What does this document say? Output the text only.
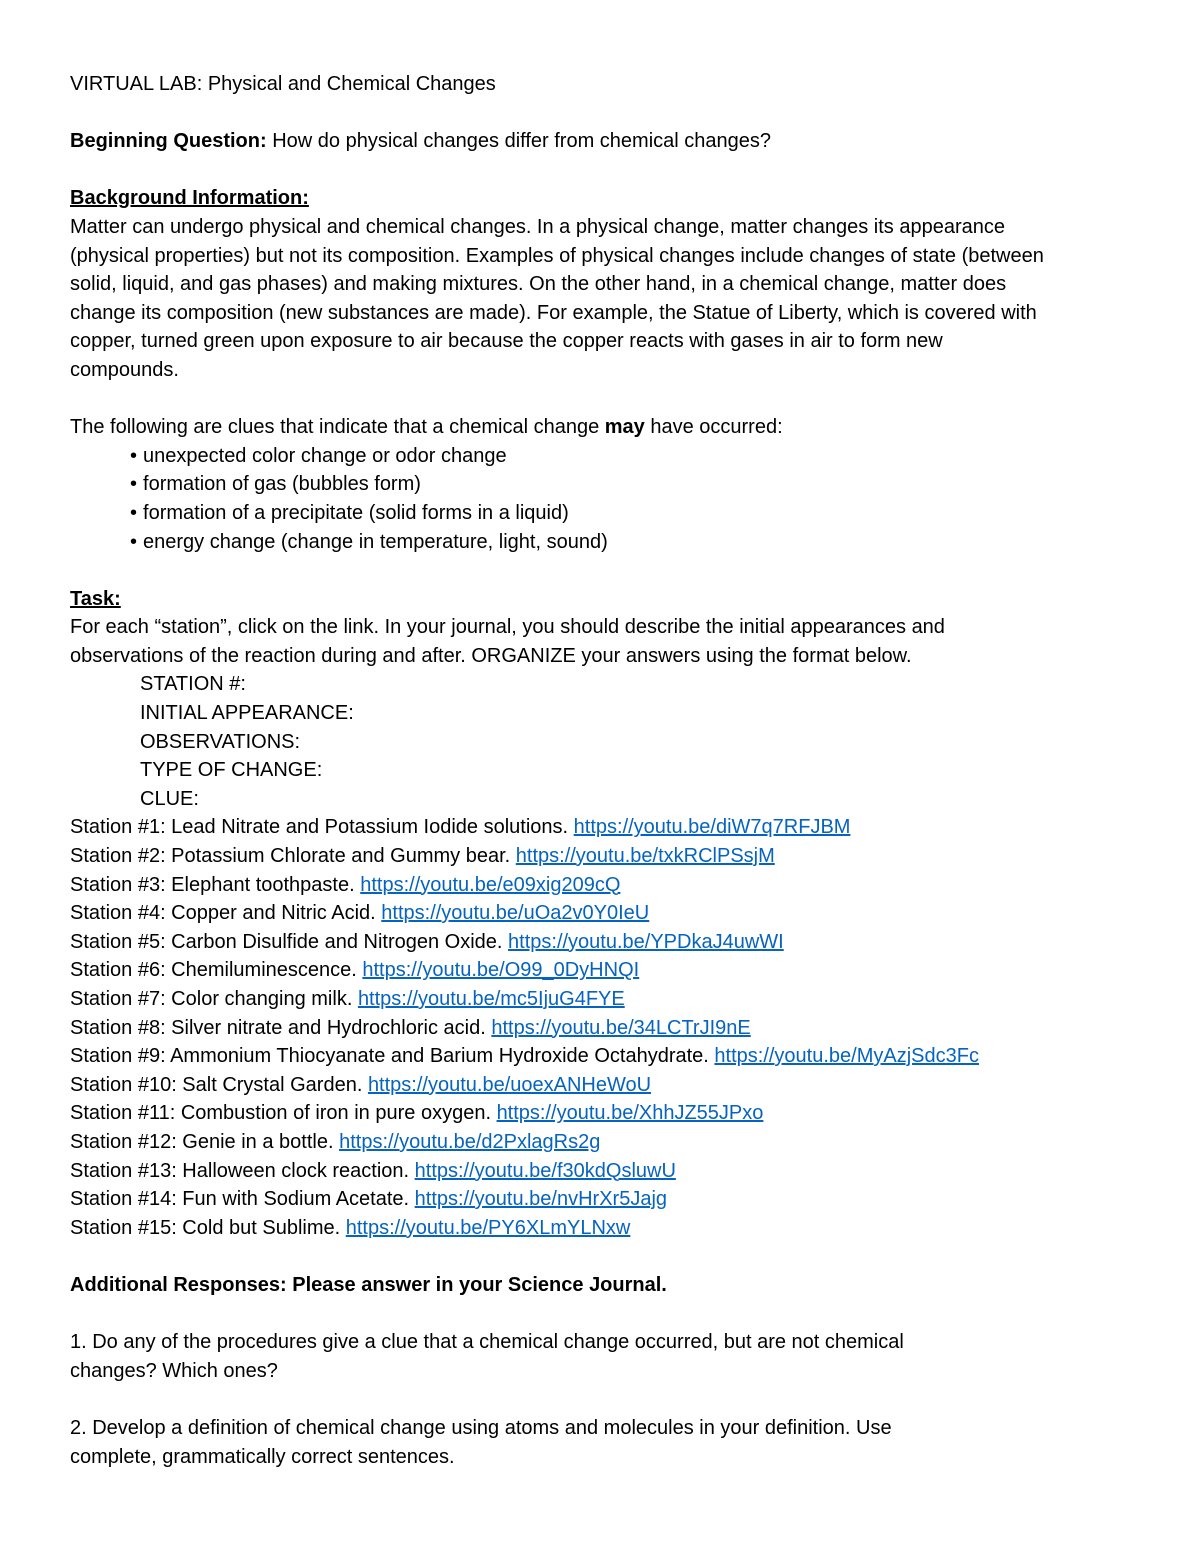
VIRTUAL LAB: Physical and Chemical Changes
Beginning Question: How do physical changes differ from chemical changes?
Background Information:
Matter can undergo physical and chemical changes. In a physical change, matter changes its appearance
(physical properties) but not its composition. Examples of physical changes include changes of state (between
solid, liquid, and gas phases) and making mixtures. On the other hand, in a chemical change, matter does
change its composition (new substances are made). For example, the Statue of Liberty, which is covered with
copper, turned green upon exposure to air because the copper reacts with gases in air to form new
compounds.
The following are clues that indicate that a chemical change may have occurred:
• unexpected color change or odor change
• formation of gas (bubbles form)
• formation of a precipitate (solid forms in a liquid)
• energy change (change in temperature, light, sound)
Task:
For each “station”, click on the link. In your journal, you should describe the initial appearances and
observations of the reaction during and after. ORGANIZE your answers using the format below.
STATION #:
INITIAL APPEARANCE:
OBSERVATIONS:
TYPE OF CHANGE:
CLUE:
Station #1: Lead Nitrate and Potassium Iodide solutions. https://youtu.be/diW7q7RFJBM
Station #2: Potassium Chlorate and Gummy bear. https://youtu.be/txkRClPSsjM
Station #3: Elephant toothpaste. https://youtu.be/e09xig209cQ
Station #4: Copper and Nitric Acid. https://youtu.be/uOa2v0Y0IeU
Station #5: Carbon Disulfide and Nitrogen Oxide. https://youtu.be/YPDkaJ4uwWI
Station #6: Chemiluminescence. https://youtu.be/O99_0DyHNQI
Station #7: Color changing milk. https://youtu.be/mc5IjuG4FYE
Station #8: Silver nitrate and Hydrochloric acid. https://youtu.be/34LCTrJI9nE
Station #9: Ammonium Thiocyanate and Barium Hydroxide Octahydrate. https://youtu.be/MyAzjSdc3Fc
Station #10: Salt Crystal Garden. https://youtu.be/uoexANHeWoU
Station #11: Combustion of iron in pure oxygen. https://youtu.be/XhhJZ55JPxo
Station #12: Genie in a bottle. https://youtu.be/d2PxlagRs2g
Station #13: Halloween clock reaction. https://youtu.be/f30kdQsluwU
Station #14: Fun with Sodium Acetate. https://youtu.be/nvHrXr5Jajg
Station #15: Cold but Sublime. https://youtu.be/PY6XLmYLNxw
Additional Responses: Please answer in your Science Journal.
1. Do any of the procedures give a clue that a chemical change occurred, but are not chemical
changes? Which ones?
2. Develop a definition of chemical change using atoms and molecules in your definition. Use
complete, grammatically correct sentences.
